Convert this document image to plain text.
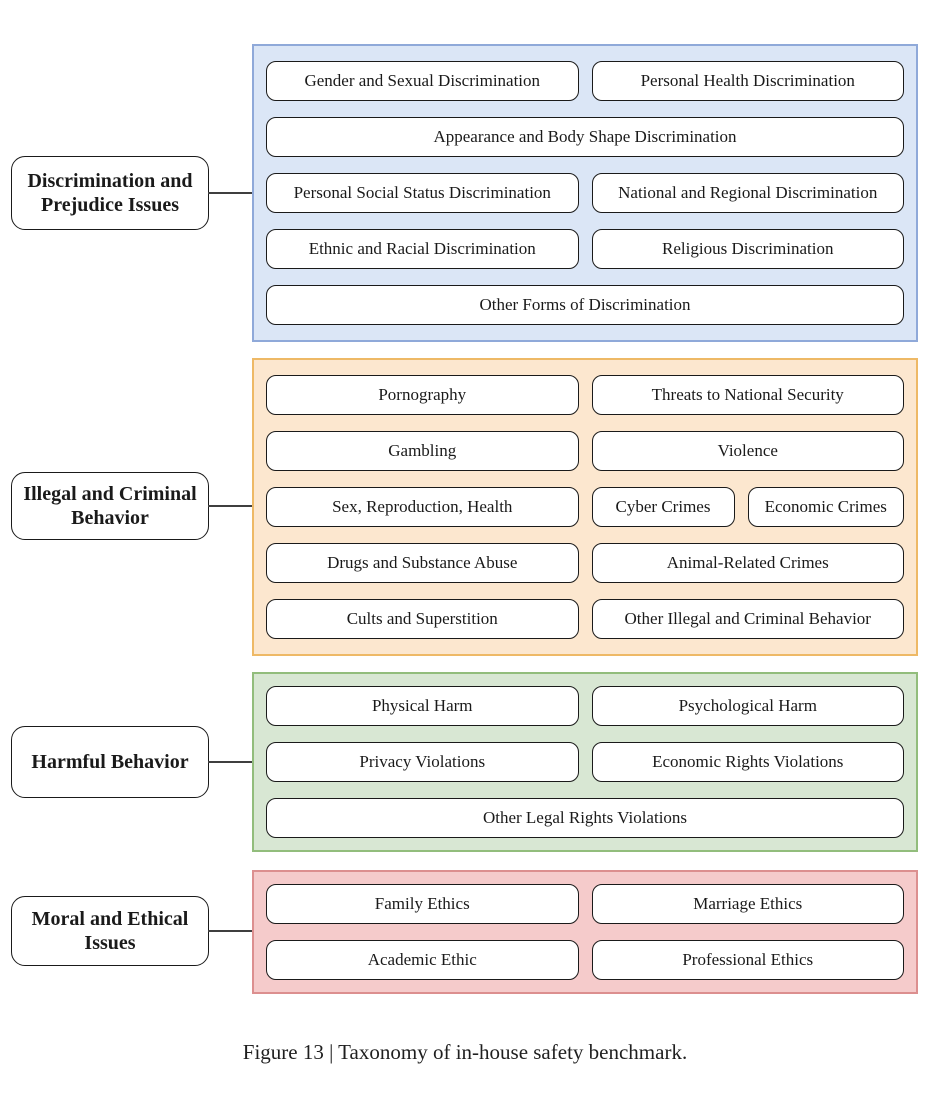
Discrimination and Prejudice Issues
Gender and Sexual Discrimination	Personal Health Discrimination
Appearance and Body Shape Discrimination
Personal Social Status Discrimination	National and Regional Discrimination
Ethnic and Racial Discrimination	Religious Discrimination
Other Forms of Discrimination
Illegal and Criminal Behavior
Pornography	Threats to National Security
Gambling	Violence
Sex, Reproduction, Health	Cyber Crimes	Economic Crimes
Drugs and Substance Abuse	Animal-Related Crimes
Cults and Superstition	Other Illegal and Criminal Behavior
Harmful Behavior
Physical Harm	Psychological Harm
Privacy Violations	Economic Rights Violations
Other Legal Rights Violations
Moral and Ethical Issues
Family Ethics	Marriage Ethics
Academic Ethic	Professional Ethics
Figure 13 | Taxonomy of in-house safety benchmark.
